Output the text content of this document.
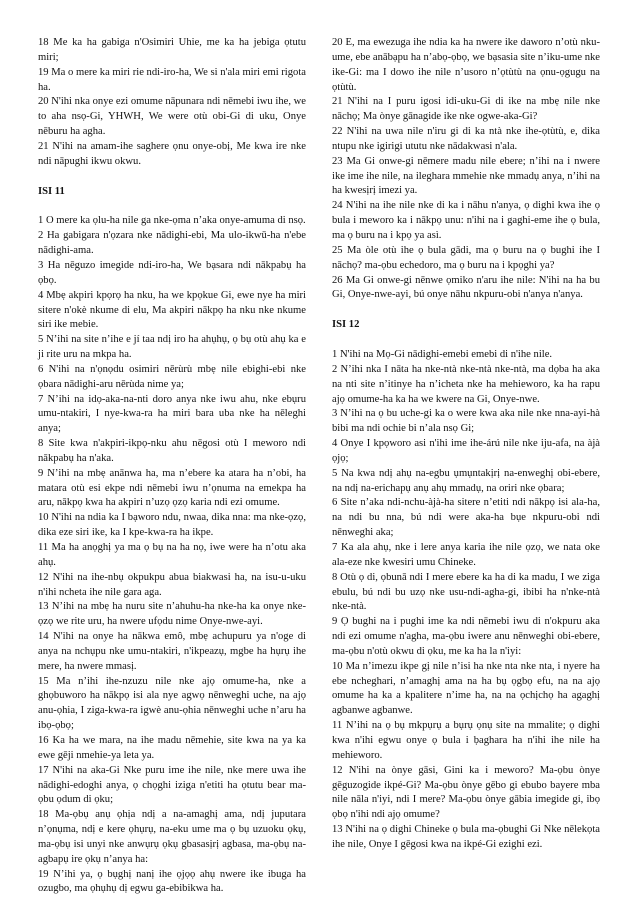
18 Me ka ha gabiga n'Osimiri Uhie, me ka ha jebiga ọtutu miri;

19 Ma o mere ka miri rie ndi-iro-ha, We si n'ala miri emi rigota ha.

20 N'ihi nka onye ezi omume nāpunara ndi nēmebi iwu ihe, we to aha nsọ-Gi, YHWH, We were otù obi-Gi di uku, Onye nēburu ha agha.

21 N'ihi na amam-ihe saghere ọnu onye-obị, Me kwa ire nke ndi nāpughi ikwu okwu.

ISI 11

1 O mere ka ọlu-ha nile ga nke-ọma n’aka onye-amuma di nsọ.

2 Ha gabigara n'ọzara nke nādighi-ebi, Ma ulo-ikwū-ha n'ebe nādighi-ama.

3 Ha nēguzo imegide ndi-iro-ha, We bạsara ndi nākpabụ ha ọbọ.

4 Mbẹ akpiri kpọrọ ha nku, ha we kpọkue Gi, ewe nye ha miri sitere n'okè nkume di elu, Ma akpiri nākpọ ha nku nke nkume siri ike mebie.

5 N’ihi na site n’ihe e jí taa ndị iro ha ahụhụ, ọ bụ otù ahụ ka e ji rite uru na mkpa ha.

6 N'ihi na n'ọnọdu osimiri nērùrù mbẹ nile ebighi-ebi nke ọbara nādighi-aru nērùda nime ya;

7 N’ihi na idọ-aka-na-nti doro anya nke iwu ahu, nke ebụru umu-ntakiri, I nye-kwa-ra ha miri bara uba nke ha nēleghi anya;

8 Site kwa n'akpiri-ikpọ-nku ahu nēgosi otù I meworo ndi nākpabụ ha n'aka.

9 N’ihi na mbẹ anānwa ha, ma n’ebere ka atara ha n’obi, ha matara otù esi ekpe ndi nēmebi iwu n’ọnuma na emekpa ha aru, nākpọ kwa ha akpiri n’uzọ ọzọ karia ndi ezi omume.

10 N'ihi na ndia ka I bạworo ndu, nwaa, dika nna: ma nke-ọzọ, dika eze siri ike, ka I kpe-kwa-ra ha ikpe.

11 Ma ha anọghị ya ma ọ bụ na ha nọ, iwe were ha n’otu aka ahụ.

12 N'ihi na ihe-nbụ okpukpu abua biakwasi ha, na isu-u-uku n'ihi ncheta ihe nile gara aga.

13 N’ihi na mbẹ ha nuru site n’ahuhu-ha nke-ha ka onye nke-ọzọ we rite uru, ha nwere ufọdu nime Onye-nwe-ayi.

14 N'ihi na onye ha nākwa emô, mbẹ achupuru ya n'oge di anya na nchụpu nke umu-ntakiri, n'ikpeazụ, mgbe ha hụrụ ihe mere, ha nwere mmasị.

15 Ma n’ihi ihe-nzuzu nile nke ajọ omume-ha, nke a ghọbuworo ha nākpọ isi ala nye agwọ nēnweghi uche, na ajọ anu-ọhia, I ziga-kwa-ra igwè anu-ọhia nēnweghi uche n’aru ha ibọ-ọbọ;

16 Ka ha we mara, na ihe madu nēmehie, site kwa na ya ka ewe gēji nmehie-ya leta ya.

17 N'ihi na aka-Gi Nke puru ime ihe nile, nke mere uwa ihe nādighi-edoghi anya, ọ chọghi iziga n'etiti ha ọtutu bear ma-ọbu ọdum di ọku;

18 Ma-ọbụ anụ ọhịa ndị a na-amaghị ama, ndị juputara n’ọnụma, ndị e kere ọhụrụ, na-eku ume ma ọ bụ uzuoku ọkụ, ma-ọbụ isi unyi nke anwụrụ ọkụ gbasasịrị agbasa, ma-ọbụ na-agbapụ ire ọkụ n’anya ha:

19 N’ihi ya, ọ bụghị nanị ihe ọjọọ ahụ nwere ike ibuga ha ozugbo, ma ọhụhụ dị egwu ga-ebibikwa ha.

20 E, ma ewezuga ihe ndia ka ha nwere ike daworo n’otù nku-ume, ebe anābạpu ha n’abọ-ọbọ, we bạsasia site n’iku-ume nke ike-Gi: ma I dowo ihe nile n’usoro n’ọtùtù na ọnu-ọgugu na ọtùtù.

21 N'ihi na I puru igosi idi-uku-Gi di ike na mbẹ nile nke nāchọ; Ma ònye gānagide ike nke ogwe-aka-Gi?

22 N'ihi na uwa nile n'iru gi di ka ntà nke ihe-ọtùtù, e, dika ntupu nke igirigi ututu nke nādakwasi n'ala.

23 Ma Gi onwe-gi nēmere madu nile ebere; n’ihi na i nwere ike ime ihe nile, na ileghara mmehie nke mmadụ anya, n’ihi na ha kwesịrị imezi ya.

24 N'ihi na ihe nile nke di ka i nāhu n'anya, ọ dighi kwa ihe ọ bula i meworo ka i nākpọ unu: n'ihi na i gaghi-eme ihe ọ bula, ma ọ buru na i kpọ ya asì.

25 Ma òle otù ihe ọ bula gādi, ma ọ buru na ọ bughi ihe I nāchọ? ma-ọbu echedoro, ma ọ buru na i kpọghi ya?

26 Ma Gi onwe-gi nēnwe ọmiko n'aru ihe nile: N'ihi na ha bu Gi, Onye-nwe-ayi, bú onye nāhu nkpuru-obi n'anya n'anya.

ISI 12

1 N'ihi na Mọ-Gi nādighi-emebi emebi di n'ihe nile.

2 N’ihi nka I nāta ha nke-ntà nke-ntà nke-ntà, ma dọba ha aka na nti site n’itinye ha n’icheta nke ha mehieworo, ka ha rapu ajọ omume-ha ka ha we kwere na Gi, Onye-nwe.

3 N’ihi na ọ bu uche-gi ka o were kwa aka nile nke nna-ayi-hà bibi ma ndi ochie bi n’ala nsọ Gi;

4 Onye I kpọworo asi n'ihi ime ihe-árú nile nke iju-afa, na àjà ọjọ;

5 Na kwa ndị ahụ na-egbu ụmụntakịrị na-enweghị obi-ebere, na ndị na-erichapụ anụ ahụ mmadụ, na oriri nke ọbara;

6 Site n’aka ndi-nchu-àjà-ha sitere n’etiti ndi nākpọ isi ala-ha, na ndi bu nna, bú ndi were aka-ha bụe nkpuru-obi ndi nēnweghi aka;

7 Ka ala ahụ, nke i lere anya karia ihe nile ọzọ, we nata oke ala-eze nke kwesiri umu Chineke.

8 Otù ọ di, ọbunā ndi I mere ebere ka ha di ka madu, I we ziga ebulu, bú ndi bu uzọ nke usu-ndi-agha-gi, ibibi ha n'nke-ntà nke-ntà.

9 Ọ bughi na i pughi ime ka ndi nēmebi iwu di n'okpuru aka ndi ezi omume n'agha, ma-ọbu iwere anu nēnweghi obi-ebere, ma-ọbu n'otù okwu di ọku, me ka ha la n'iyi:

10 Ma n’imezu ikpe gị nile n’isi ha nke nta nke nta, i nyere ha ebe ncheghari, n’amaghị ama na ha bụ ọgbọ efu, na na ajọ omume ha ka a kpalitere n’ime ha, na na ọchịchọ ha agaghị agbanwe agbanwe.

11 N’ihi na ọ bụ mkpụrụ a bụrụ ọnụ site na mmalite; ọ dighi kwa n'ihi egwu onye ọ bula i ḅaghara ha n'ihi ihe nile ha mehieworo.

12 N'ihi na ònye gāsi, Gini ka i meworo? Ma-ọbu ònye gēguzogide ikpé-Gi? Ma-ọbu ònye gēbo gi ebubo bayere mba nile nāla n'iyi, ndi I mere? Ma-ọbu ònye gābia imegide gi, ibọ ọbọ n'ihi ndi ajọ omume?

13 N'ihi na ọ dighi Chineke ọ bula ma-ọbughi Gi Nke nēlekọta ihe nile, Onye I gēgosi kwa na ikpé-Gi ezighi ezi.
